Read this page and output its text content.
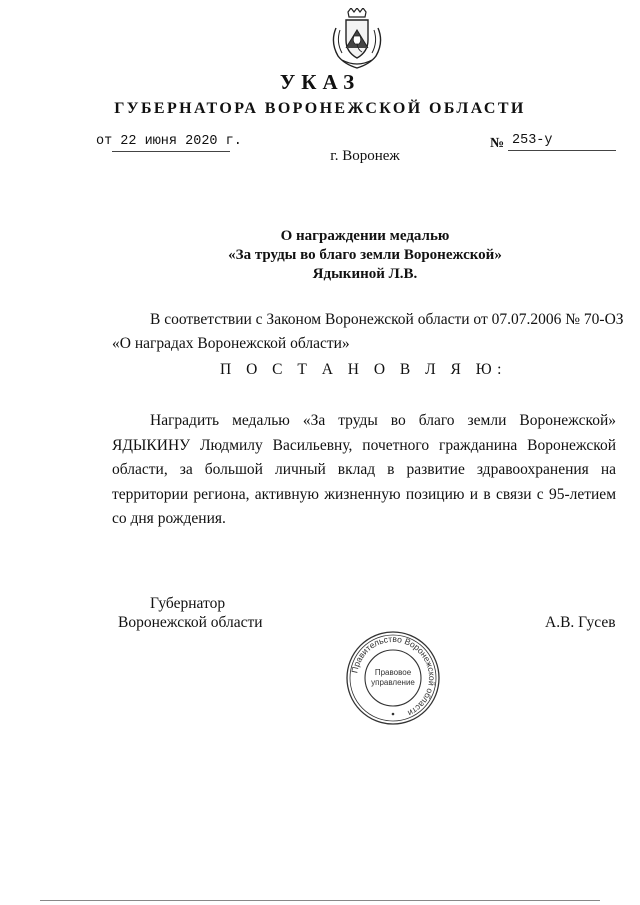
УКАЗ
ГУБЕРНАТОРА ВОРОНЕЖСКОЙ ОБЛАСТИ
от 22 июня 2020 г.	№ 253-у
г. Воронеж
О награждении медалью
«За труды во благо земли Воронежской»
Ядыкиной Л.В.
В соответствии с Законом Воронежской области от 07.07.2006 № 70-ОЗ
«О наградах Воронежской области»
П О С Т А Н О В Л Я Ю:

Наградить медалью «За труды во благо земли Воронежской» ЯДЫКИНУ Людмилу Васильевну, почетного гражданина Воронежской области, за большой личный вклад в развитие здравоохранения на территории региона, активную жизненную позицию и в связи с 95-летием со дня рождения.

Губернатор
Воронежской области	А.В. Гусев
Правительство Воронежской области
Правовое
управление
